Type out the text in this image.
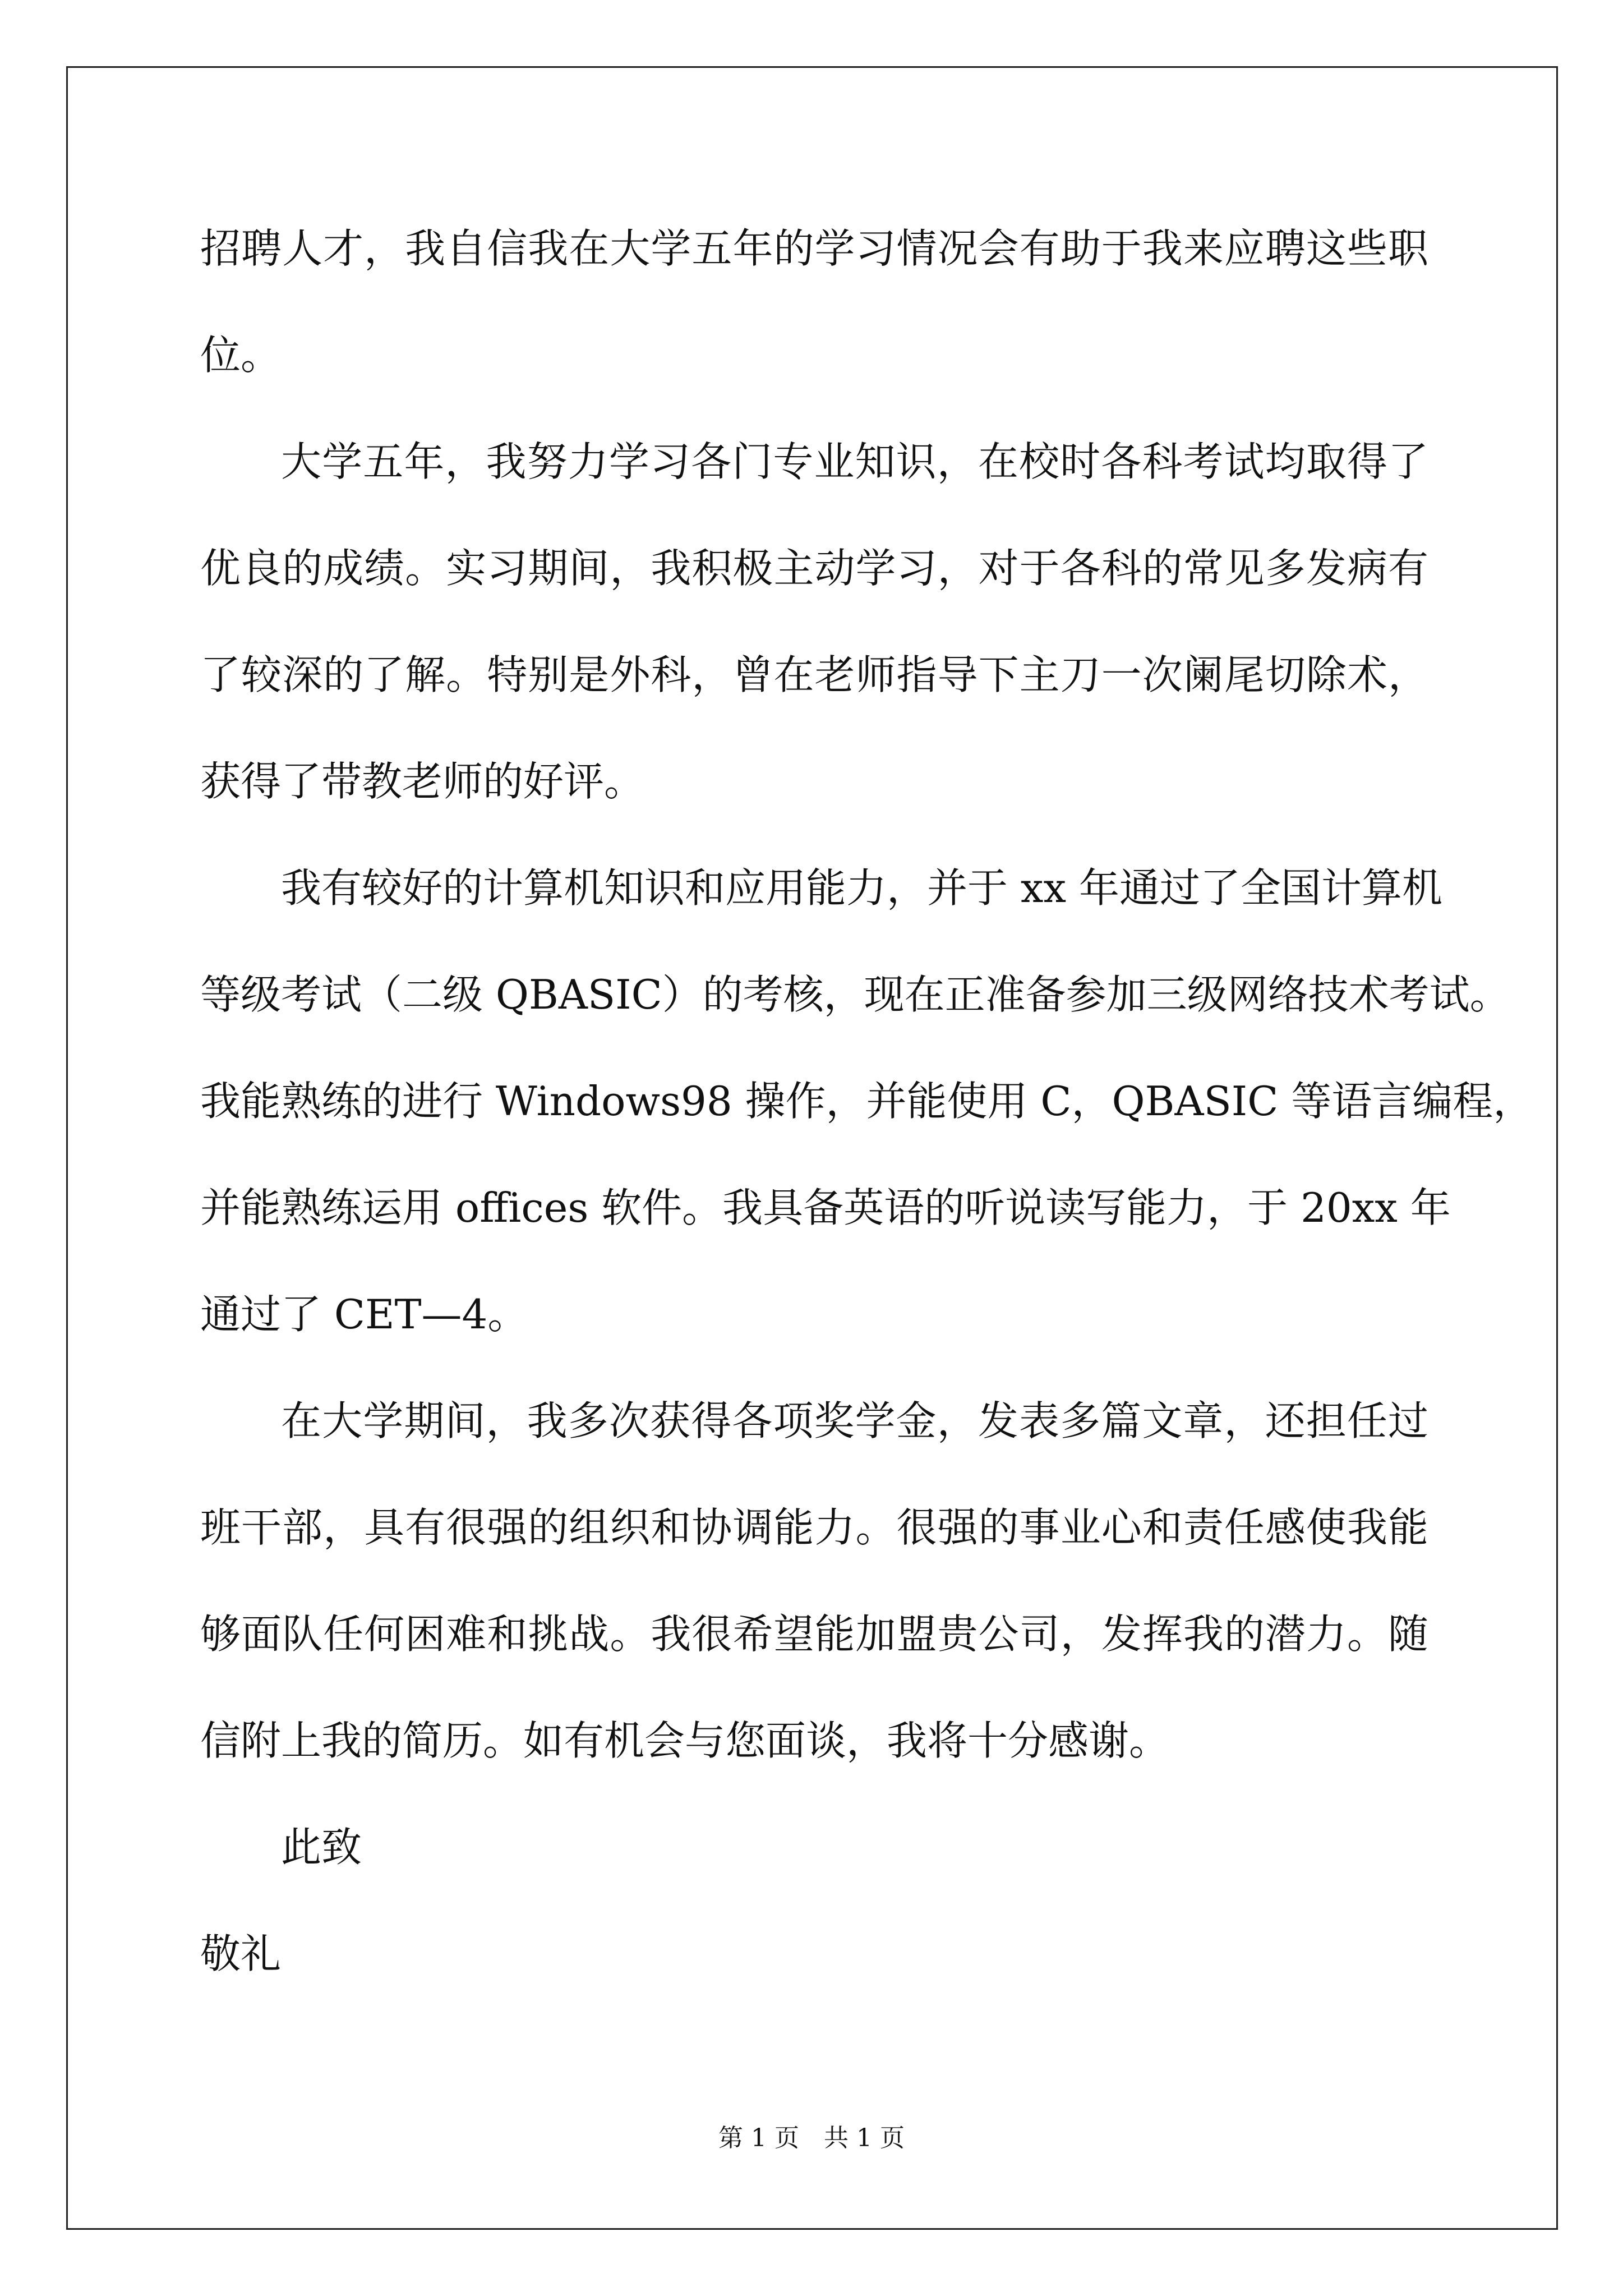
招聘人才，我自信我在大学五年的学习情况会有助于我来应聘这些职
位。
大学五年，我努力学习各门专业知识，在校时各科考试均取得了
优良的成绩。实习期间，我积极主动学习，对于各科的常见多发病有
了较深的了解。特别是外科，曾在老师指导下主刀一次阑尾切除术，
获得了带教老师的好评。
我有较好的计算机知识和应用能力，并于 xx 年通过了全国计算机
等级考试（二级 QBASIC）的考核，现在正准备参加三级网络技术考试。
我能熟练的进行 Windows98 操作，并能使用 C，QBASIC 等语言编程，
并能熟练运用 offices 软件。我具备英语的听说读写能力，于 20xx 年
通过了 CET—4。
在大学期间，我多次获得各项奖学金，发表多篇文章，还担任过
班干部，具有很强的组织和协调能力。很强的事业心和责任感使我能
够面队任何困难和挑战。我很希望能加盟贵公司，发挥我的潜力。随
信附上我的简历。如有机会与您面谈，我将十分感谢。
此致
敬礼
第 1 页　共 1 页
